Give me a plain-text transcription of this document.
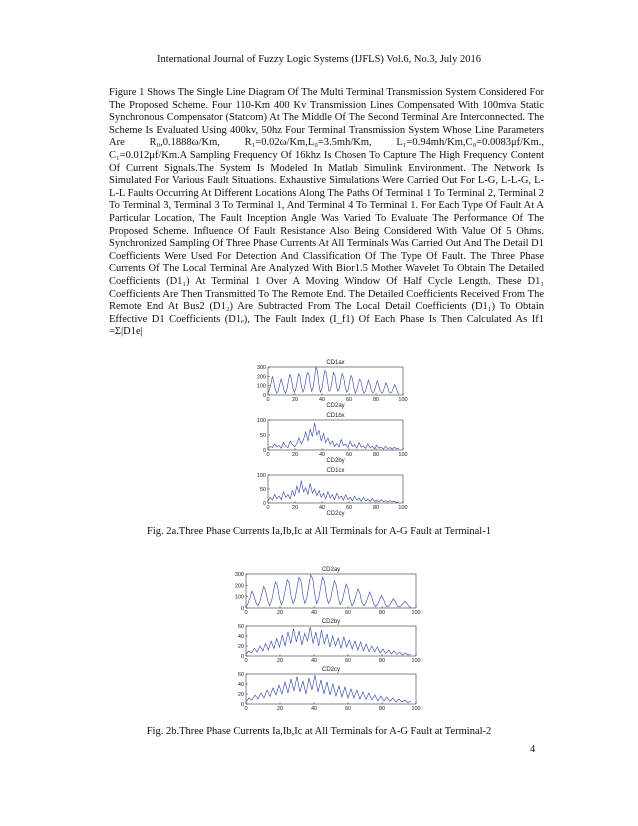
International Journal of Fuzzy Logic Systems (IJFLS) Vol.6, No.3, July 2016

Figure 1 Shows The Single Line Diagram Of The Multi Terminal Transmission System Considered For The Proposed Scheme. Four 110-Km 400 Kv Transmission Lines Compensated With 100mva Static Synchronous Compensator (Statcom) At The Middle Of The Second Terminal Are Interconnected. The Scheme Is Evaluated Using 400kv, 50hz Four Terminal Transmission System Whose Line Parameters Are R₀,0.1888ω/Km, R₁=0.02ω/Km,L₀=3.5mh/Km, L₁=0.94mh/Km,C₀=0.0083μf/Km., C₁=0.012μf/Km.A Sampling Frequency Of 16khz Is Chosen To Capture The High Frequency Content Of Current Signals.The System Is Modeled In Matlab Simulink Environment. The Network Is Simulated For Various Fault Situations. Exhaustive Simulations Were Carried Out For L-G, L-L-G, L-L-L Faults Occurring At Different Locations Along The Paths Of Terminal 1 To Terminal 2, Terminal 2 To Terminal 3, Terminal 3 To Terminal 1, And Terminal 4 To Terminal 1. For Each Type Of Fault At A Particular Location, The Fault Inception Angle Was Varied To Evaluate The Performance Of The Proposed Scheme. Influence Of Fault Resistance Also Being Considered With Value Of 5 Ohms. Synchronized Sampling Of Three Phase Currents At All Terminals Was Carried Out And The Detail D1 Coefficients Were Used For Detection And Classification Of The Type Of Fault. The Three Phase Currents Of The Local Terminal Are Analyzed With Bior1.5 Mother Wavelet To Obtain The Detailed Coefficients (D1₁) At Terminal 1 Over A Moving Window Of Half Cycle Length. These D1₁ Coefficients Are Then Transmitted To The Remote End. The Detailed Coefficients Received From The Remote End At Bus2 (D1₂) Are Subtracted From The Local Detail Coefficients (D1₁) To Obtain Effective D1 Coefficients (D1ₑ), The Fault Index (I_f1) Of Each Phase Is Then Calculated As If1 =Σ|D1e|

CD1ax
0
100
200
300
0	20	40	60	80	100
CD2ay
CD1bx
0
50
100
0	20	40	60	80	100
CD2by
CD1cx
0
50
100
0	20	40	60	80	100
CD2cy
Fig. 2a.Three Phase Currents Ia,Ib,Ic at All Terminals for A-G Fault at Terminal-1
CD2ay
0
100
200
300
0	20	40	60	80	100
CD2by
0
20
40
60
0	20	40	60	80	100
CD2cy
0
20
40
60
0	20	40	60	80	100
Fig. 2b.Three Phase Currents Ia,Ib,Ic at All Terminals for A-G Fault at Terminal-2
4
